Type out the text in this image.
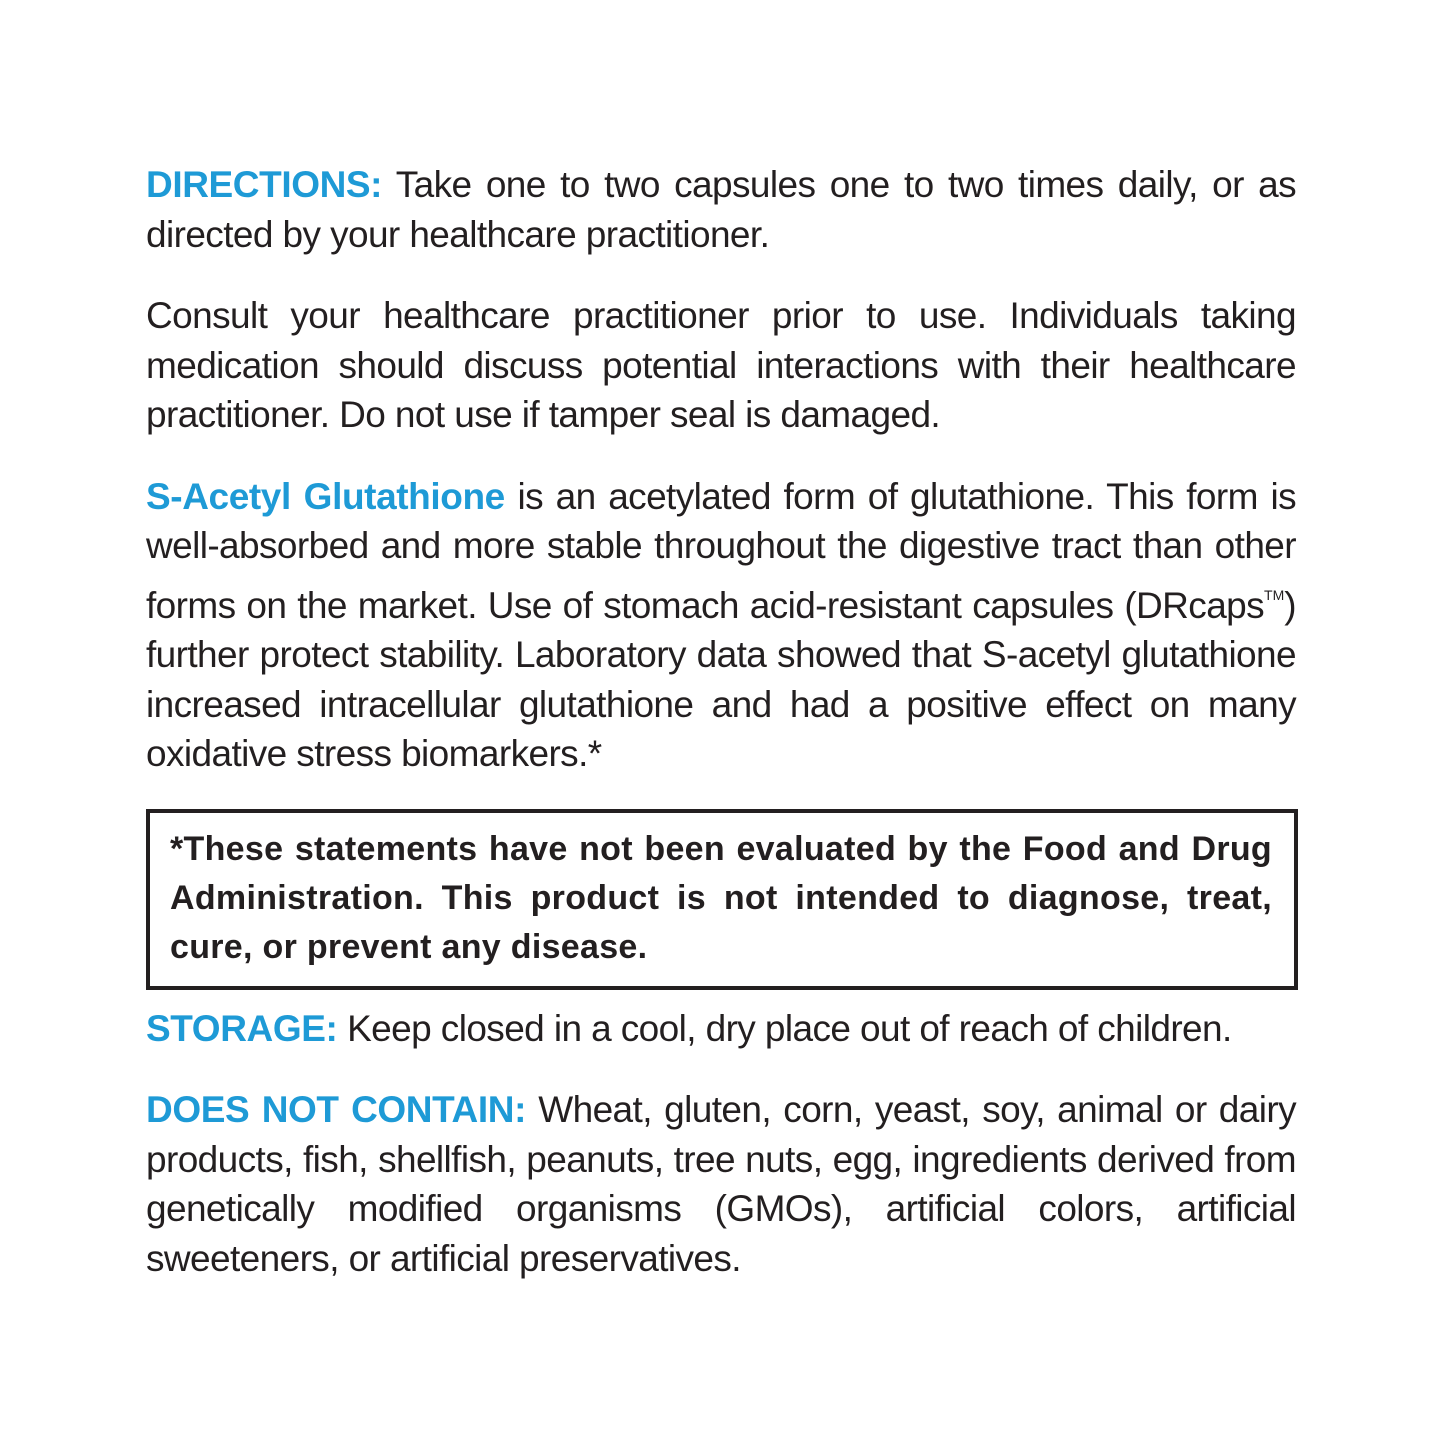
DIRECTIONS: Take one to two capsules one to two times daily, or as directed by your healthcare practitioner.

Consult your healthcare practitioner prior to use. Individuals taking medication should discuss potential interactions with their healthcare practitioner. Do not use if tamper seal is damaged.

S-Acetyl Glutathione is an acetylated form of glutathione. This form is well-absorbed and more stable throughout the digestive tract than other forms on the market. Use of stomach acid-resistant capsules (DRcaps™) further protect stability. Laboratory data showed that S-acetyl glutathione increased intracellular glutathione and had a positive effect on many oxidative stress biomarkers.*

*These statements have not been evaluated by the Food and Drug Administration. This product is not intended to diagnose, treat, cure, or prevent any disease.

STORAGE: Keep closed in a cool, dry place out of reach of children.

DOES NOT CONTAIN: Wheat, gluten, corn, yeast, soy, animal or dairy products, fish, shellfish, peanuts, tree nuts, egg, ingredients derived from genetically modified organisms (GMOs), artificial colors, artificial sweeteners, or artificial preservatives.
